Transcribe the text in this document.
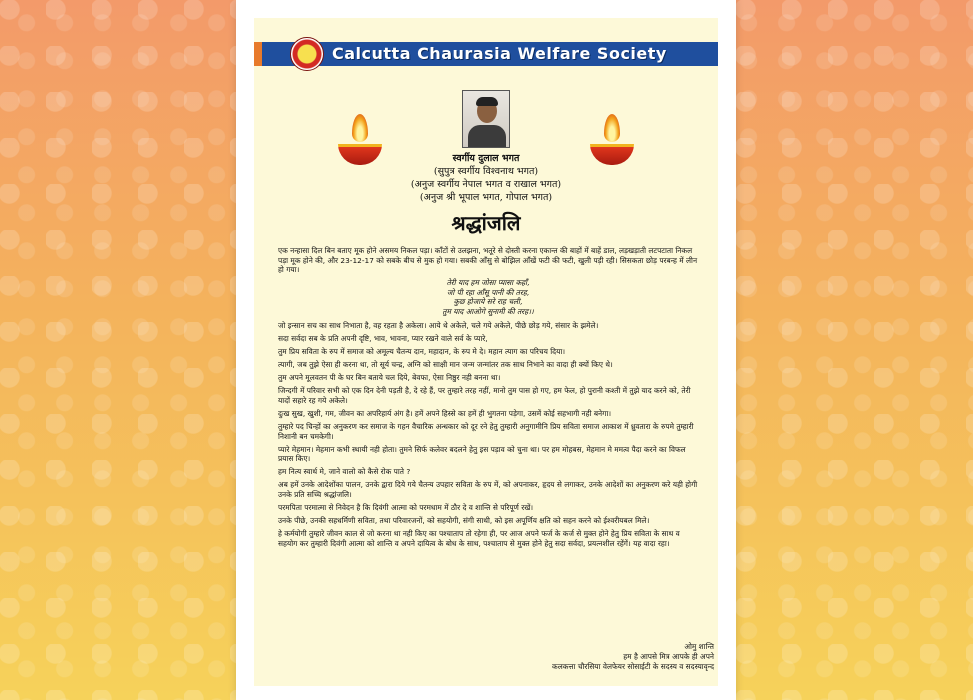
Calcutta Chaurasia Welfare Society
स्वर्गीय दुलाल भगत
(सुपुत्र स्वर्गीय विश्वनाथ भगत)
(अनुज स्वर्गीय नेपाल भगत व राखाल भगत)
(अनुज श्री भूपाल भगत, गोपाल भगत)
श्रद्धांजलि

एक नन्हासा दिल बिन बताए मूक होने असमय निकल पड़ा। काँटों से उलझना, भतूरे से दोस्ती करना एकान्त की बाहों में बाहें डाल, लड़खड़ाती लटपटाता निकल पड़ा मूक होने की, और 23-12-17 को सबके बीच से मुक हो गया। सबकी आँसु से बोझिल आँखें फटी की फटी, खुली पड़ी रही। सिसकता छोड़ परबन्ह में लीन हो गया।

तेरी याद हम जोसा प्यासा कहाँ,
जो पी रहा आँसू पानी की तरह,
कुछ होजाये सरे राह चली,
तुम याद आओगे सुनामी की तरह।।

जो इन्सान सच का साथ निभाता है, वह रहता है अकेला। आये थे अकेले, चले गये अकेले, पीछे छोड़ गये, संसार के झमेले।

सदा सर्वदा सब के प्रति अपनी दृष्टि, भाव, भावना, प्यार रखने वाले सर्व के प्यारे,

तुम प्रिय सविता के रुप में समाज को अमूल्य चैतन्य दान, महादान, के रुप मे दे। महान त्याग का परिचय दिया।

त्यागी, जब तुझे ऐसा ही करना था, तो सूर्य चन्द्र, अग्नि को साक्षी मान जन्म जन्मांतर तक साथ निभाने का वादा ही क्यों किए थे।

तुम अपने मूलवतन पी के घर बिन बताये चल दिये, बेवफा, ऐसा निष्ठुर नही बनना था।

जिन्दगी में परिवार सभी को एक दिन देनी पड़ती है, दे रहे हैं, पर तुम्हारे तरह नहीं, मानो तुम पास हो गए, हम फेल, हो पुरानी कश्ती में तुझे याद करने को, तेरी यादों सहारे रह गये अकेले।

दुःख सुख, खुशी, गम, जीवन का अपरिहार्य अंग है। हमें अपने हिस्से का हमें ही भुगतना पड़ेगा, उसमें कोई सहभागी नही बनेगा।

तुम्हारे पद चिन्हों का अनुकरण कर समाज के गहन वैचारिक अन्धकार को दूर रने हेतु तुम्हारी अनुगामीनि प्रिय सविता समाज आकाश में ध्रुवतारा के रुपमे तुम्हारी निशानी बन चमकेगी।

प्यारे मेहमान। मेहमान कभी स्थायी नही होता। तुमने सिर्फ कलेवर बदलने हेतु इस पड़ाव को चुना था। पर हम मोहबस, मेहमान मे ममत्व पैदा करने का विफल प्रयास किए।

हम नित्य स्वार्थ मे, जाने वालो को कैसे रोक पाते ?

अब हमें उनके आदेशोंका पालन, उनके द्वारा दिये गये चैतन्य उपहार सविता के रुप में, को अपनाकर, हृदय से लगाकर, उनके आदेशों का अनुकरण करे यही होगी उनके प्रति सच्चि श्रद्धांजलि।

परमपिता परमात्मा से निवेदन है कि दिवंगी आत्मा को परमधाम में ठौर दे व शान्ति से परिपूर्ण रखें।

उनके पीछे, उनकी सहधर्मिणी सविता, तथा परिवारजनों, को सहयोगी, संगी साथी, को इस अपूर्णिय क्षति को सहन करने को ईश्वरीयबल मिले।

हे कर्मयोगी तुम्हारे जीवन काल से जो करना था नही किए का पश्चाताप तो रहेगा ही, पर आज अपने फर्ज के कर्ज से मुक्त होने हेतु प्रिय सविता के साथ व सहयोग कर तुम्हारी दिवंगी आत्मा को शान्ति व अपने दायित्व के बोध के साथ, पश्चाताप से मुक्त होने हेतु सदा सर्वदा, प्रयत्नशील रहेंगें। यह वादा रहा।

ओमु शान्ति
हम है आपसे मित्र आपके ही अपने
कलकत्ता चौरसिया वेलफेयर सोसाईटी के सदस्य व सदस्यावृन्द
